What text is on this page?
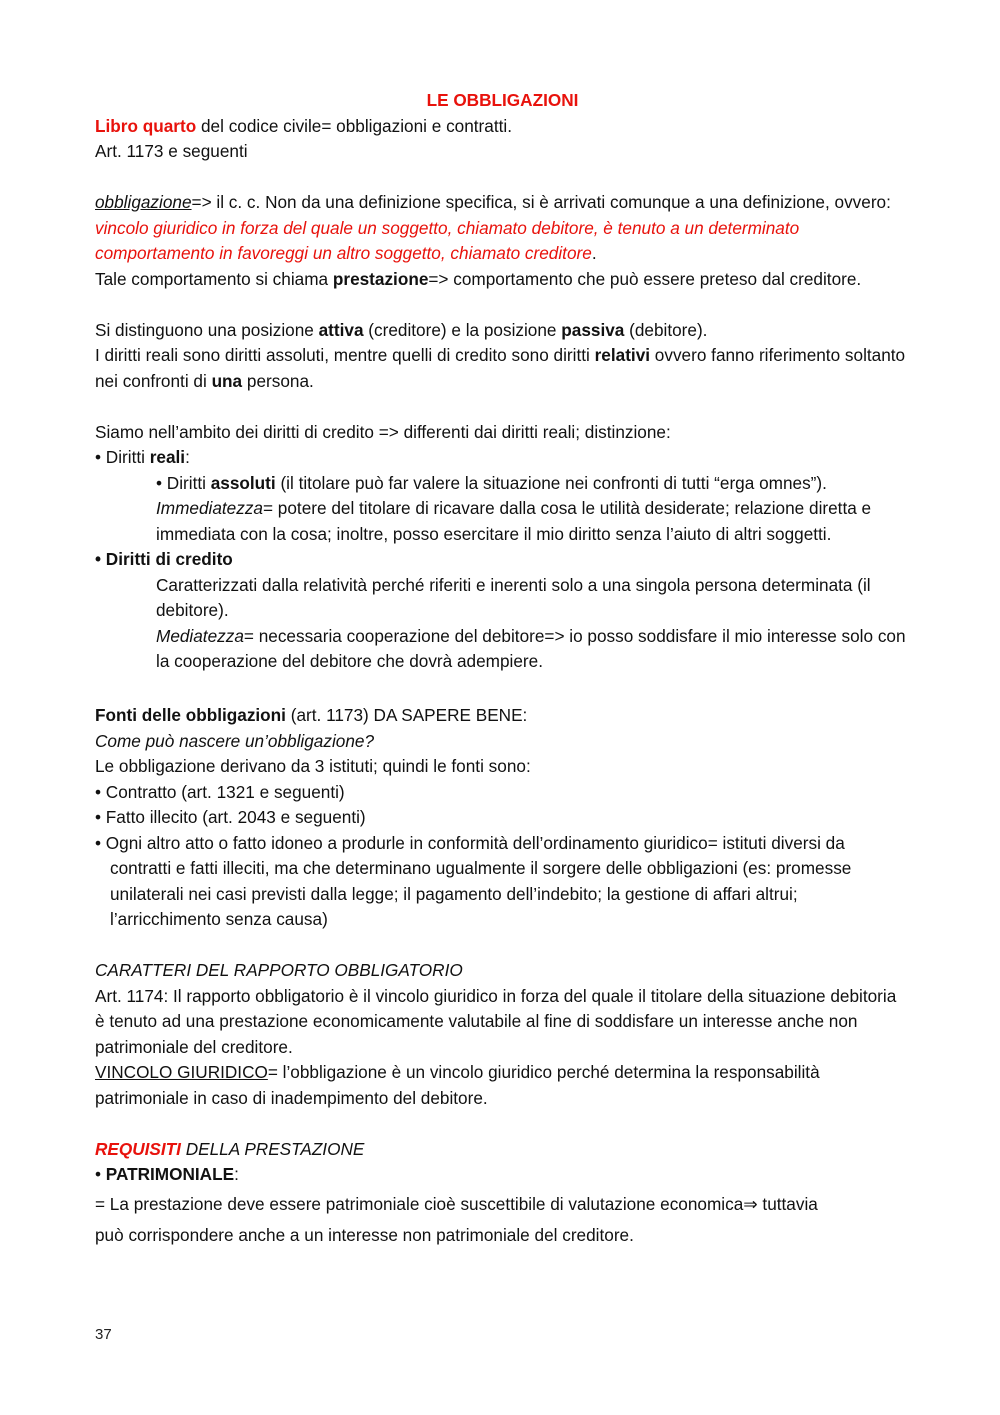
LE OBBLIGAZIONI

Libro quarto del codice civile= obbligazioni e contratti.

Art. 1173 e seguenti

obbligazione=> il c. c. Non da una definizione specifica, si è arrivati comunque a una definizione, ovvero: vincolo giuridico in forza del quale un soggetto, chiamato debitore, è tenuto a un determinato comportamento in favoreggi un altro soggetto, chiamato creditore.

Tale comportamento si chiama prestazione=> comportamento che può essere preteso dal creditore.

Si distinguono una posizione attiva (creditore) e la posizione passiva (debitore).

I diritti reali sono diritti assoluti, mentre quelli di credito sono diritti relativi ovvero fanno riferimento soltanto nei confronti di una persona.

Siamo nell’ambito dei diritti di credito => differenti dai diritti reali; distinzione:

• Diritti reali:

• Diritti assoluti (il titolare può far valere la situazione nei confronti di tutti “erga omnes”).

Immediatezza= potere del titolare di ricavare dalla cosa le utilità desiderate; relazione diretta e immediata con la cosa; inoltre, posso esercitare il mio diritto senza l’aiuto di altri soggetti.

• Diritti di credito

Caratterizzati dalla relatività perché riferiti e inerenti solo a una singola persona determinata (il debitore).

Mediatezza= necessaria cooperazione del debitore=> io posso soddisfare il mio interesse solo con la cooperazione del debitore che dovrà adempiere.

Fonti delle obbligazioni (art. 1173) DA SAPERE BENE:

Come può nascere un’obbligazione?

Le obbligazione derivano da 3 istituti; quindi le fonti sono:

• Contratto (art. 1321 e seguenti)

• Fatto illecito (art. 2043 e seguenti)

• Ogni altro atto o fatto idoneo a produrle in conformità dell’ordinamento giuridico= istituti diversi da contratti e fatti illeciti, ma che determinano ugualmente il sorgere delle obbligazioni (es: promesse unilaterali nei casi previsti dalla legge; il pagamento dell’indebito; la gestione di affari altrui; l’arricchimento senza causa)

CARATTERI DEL RAPPORTO OBBLIGATORIO

Art. 1174: Il rapporto obbligatorio è il vincolo giuridico in forza del quale il titolare della situazione debitoria è tenuto ad una prestazione economicamente valutabile al fine di soddisfare un interesse anche non patrimoniale del creditore.

VINCOLO GIURIDICO= l’obbligazione è un vincolo giuridico perché determina la responsabilità patrimoniale in caso di inadempimento del debitore.

REQUISITI DELLA PRESTAZIONE

• PATRIMONIALE:

= La prestazione deve essere patrimoniale cioè suscettibile di valutazione economica⇒ tuttavia

può corrispondere anche a un interesse non patrimoniale del creditore.

37
